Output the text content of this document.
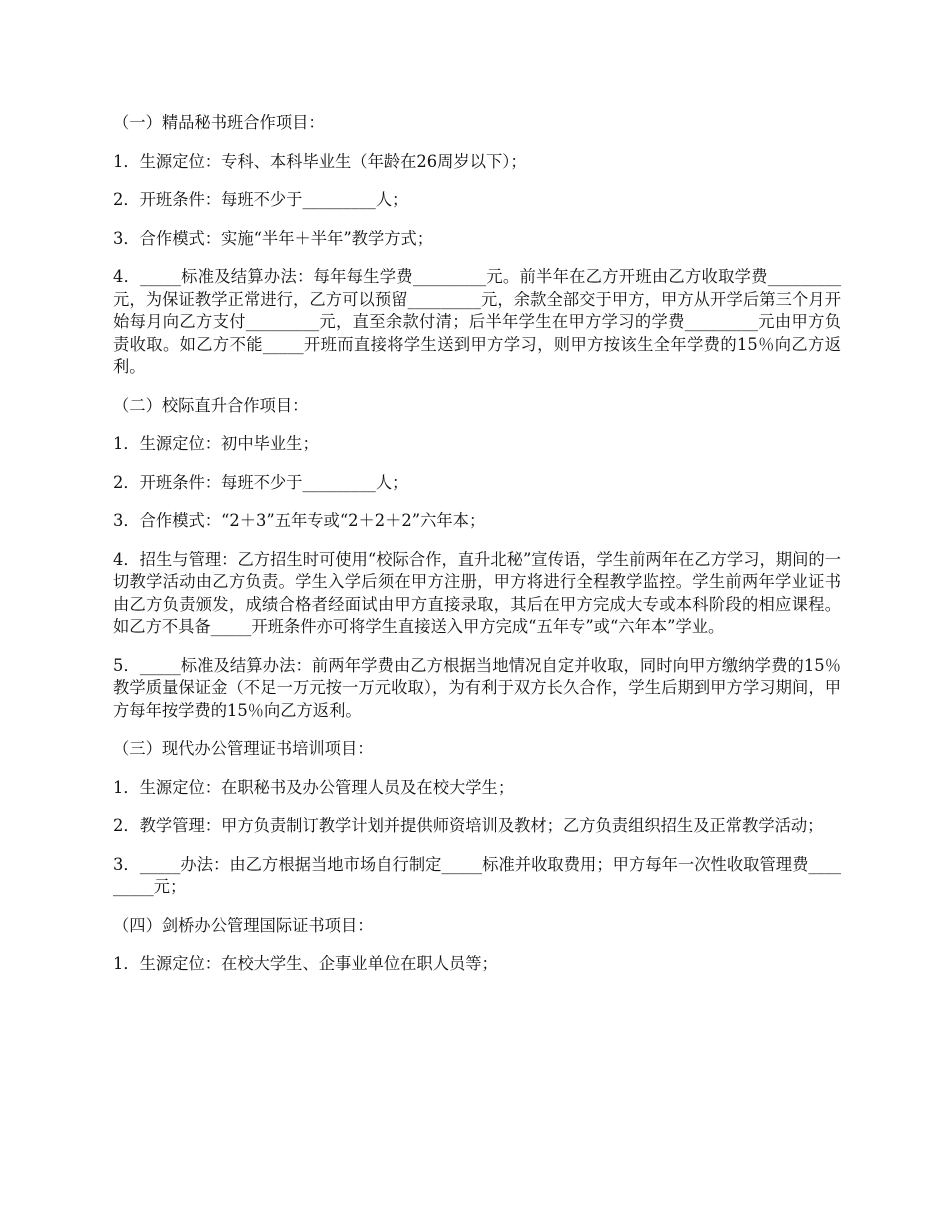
（一）精品秘书班合作项目：

1．生源定位：专科、本科毕业生（年龄在26周岁以下）；

2．开班条件：每班不少于_________人；

3．合作模式：实施“半年＋半年”教学方式；

4．_____标准及结算办法：每年每生学费_________元。前半年在乙方开班由乙方收取学费_________元，为保证教学正常进行，乙方可以预留_________元，余款全部交于甲方，甲方从开学后第三个月开始每月向乙方支付_________元，直至余款付清；后半年学生在甲方学习的学费_________元由甲方负责收取。如乙方不能_____开班而直接将学生送到甲方学习，则甲方按该生全年学费的15％向乙方返利。

（二）校际直升合作项目：

1．生源定位：初中毕业生；

2．开班条件：每班不少于_________人；

3．合作模式：“2＋3”五年专或“2＋2＋2”六年本；

4．招生与管理：乙方招生时可使用“校际合作，直升北秘”宣传语，学生前两年在乙方学习，期间的一切教学活动由乙方负责。学生入学后须在甲方注册，甲方将进行全程教学监控。学生前两年学业证书由乙方负责颁发，成绩合格者经面试由甲方直接录取，其后在甲方完成大专或本科阶段的相应课程。如乙方不具备_____开班条件亦可将学生直接送入甲方完成“五年专”或“六年本”学业。

5．_____标准及结算办法：前两年学费由乙方根据当地情况自定并收取，同时向甲方缴纳学费的15％教学质量保证金（不足一万元按一万元收取），为有利于双方长久合作，学生后期到甲方学习期间，甲方每年按学费的15％向乙方返利。

（三）现代办公管理证书培训项目：

1．生源定位：在职秘书及办公管理人员及在校大学生；

2．教学管理：甲方负责制订教学计划并提供师资培训及教材；乙方负责组织招生及正常教学活动；

3．_____办法：由乙方根据当地市场自行制定_____标准并收取费用；甲方每年一次性收取管理费_________元；

（四）剑桥办公管理国际证书项目：

1．生源定位：在校大学生、企事业单位在职人员等；
